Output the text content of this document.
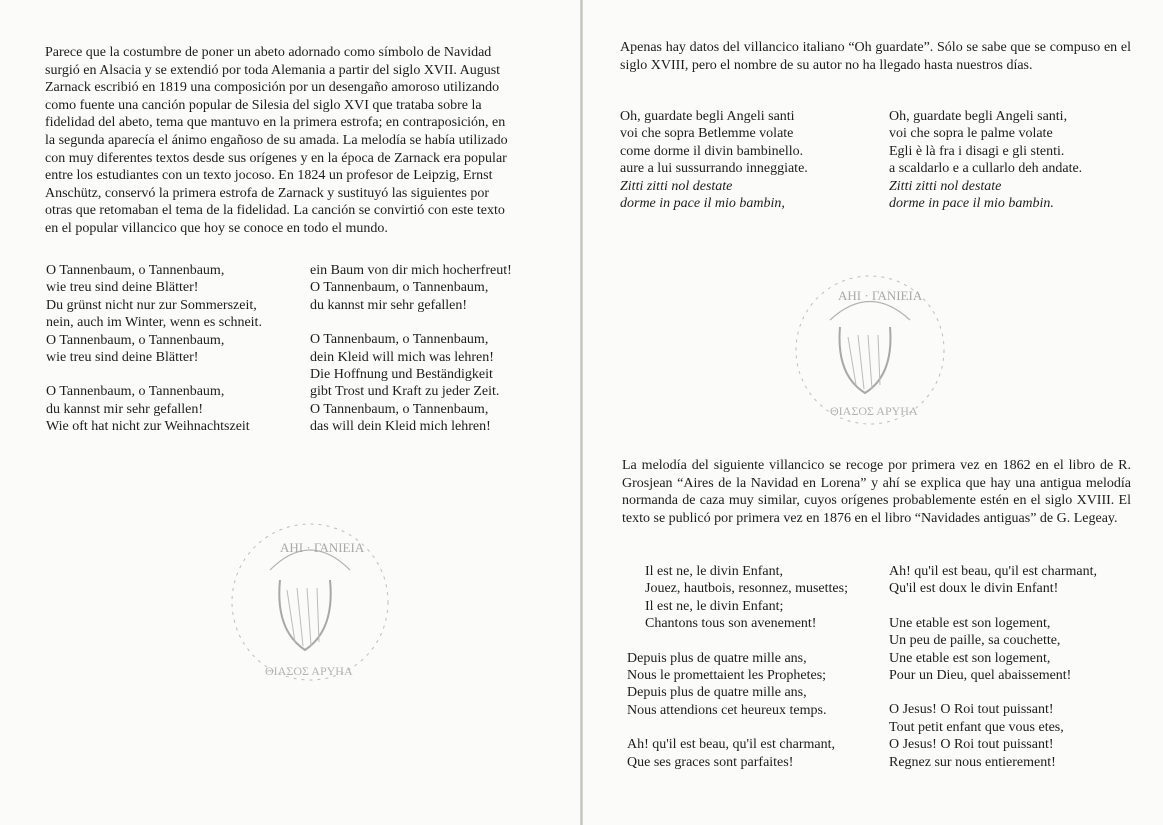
Parece que la costumbre de poner un abeto adornado como símbolo de Navidad surgió en Alsacia y se extendió por toda Alemania a partir del siglo XVII. August Zarnack escribió en 1819 una composición por un desengaño amoroso utilizando como fuente una canción popular de Silesia del siglo XVI que trataba sobre la fidelidad del abeto, tema que mantuvo en la primera estrofa; en contraposición, en la segunda aparecía el ánimo engañoso de su amada. La melodía se había utilizado con muy diferentes textos desde sus orígenes y en la época de Zarnack era popular entre los estudiantes con un texto jocoso. En 1824 un profesor de Leipzig, Ernst Anschütz, conservó la primera estrofa de Zarnack y sustituyó las siguientes por otras que retomaban el tema de la fidelidad. La canción se convirtió con este texto en el popular villancico que hoy se conoce en todo el mundo.

O Tannenbaum, o Tannenbaum,
wie treu sind deine Blätter!
Du grünst nicht nur zur Sommerszeit,
nein, auch im Winter, wenn es schneit.
O Tannenbaum, o Tannenbaum,
wie treu sind deine Blätter!
O Tannenbaum, o Tannenbaum,
du kannst mir sehr gefallen!
Wie oft hat nicht zur Weihnachtszeit
ein Baum von dir mich hocherfreut!
O Tannenbaum, o Tannenbaum,
du kannst mir sehr gefallen!
O Tannenbaum, o Tannenbaum,
dein Kleid will mich was lehren!
Die Hoffnung und Beständigkeit
gibt Trost und Kraft zu jeder Zeit.
O Tannenbaum, o Tannenbaum,
das will dein Kleid mich lehren!
ΑΗΙ · ΓΑΝΙΕΙΑ
ΘΙΑΣΟΣ ΑΡΥΗΑ

Apenas hay datos del villancico italiano “Oh guardate”. Sólo se sabe que se compuso en el siglo XVIII, pero el nombre de su autor no ha llegado hasta nuestros días.

Oh, guardate begli Angeli santi
voi che sopra Betlemme volate
come dorme il divin bambinello.
aure a lui sussurrando inneggiate.
Zitti zitti nol destate
dorme in pace il mio bambin,
Oh, guardate begli Angeli santi,
voi che sopra le palme volate
Egli è là fra i disagi e gli stenti.
a scaldarlo e a cullarlo deh andate.
Zitti zitti nol destate
dorme in pace il mio bambin.
ΑΗΙ · ΓΑΝΙΕΙΑ
ΘΙΑΣΟΣ ΑΡΥΗΑ

La melodía del siguiente villancico se recoge por primera vez en 1862 en el libro de R. Grosjean “Aires de la Navidad en Lorena” y ahí se explica que hay una antigua melodía normanda de caza muy similar, cuyos orígenes probablemente estén en el siglo XVIII. El texto se publicó por primera vez en 1876 en el libro “Navidades antiguas” de G. Legeay.

Il est ne, le divin Enfant,
Jouez, hautbois, resonnez, musettes;
Il est ne, le divin Enfant;
Chantons tous son avenement!
Depuis plus de quatre mille ans,
Nous le promettaient les Prophetes;
Depuis plus de quatre mille ans,
Nous attendions cet heureux temps.
Ah! qu'il est beau, qu'il est charmant,
Que ses graces sont parfaites!
Ah! qu'il est beau, qu'il est charmant,
Qu'il est doux le divin Enfant!
Une etable est son logement,
Un peu de paille, sa couchette,
Une etable est son logement,
Pour un Dieu, quel abaissement!
O Jesus! O Roi tout puissant!
Tout petit enfant que vous etes,
O Jesus! O Roi tout puissant!
Regnez sur nous entierement!
